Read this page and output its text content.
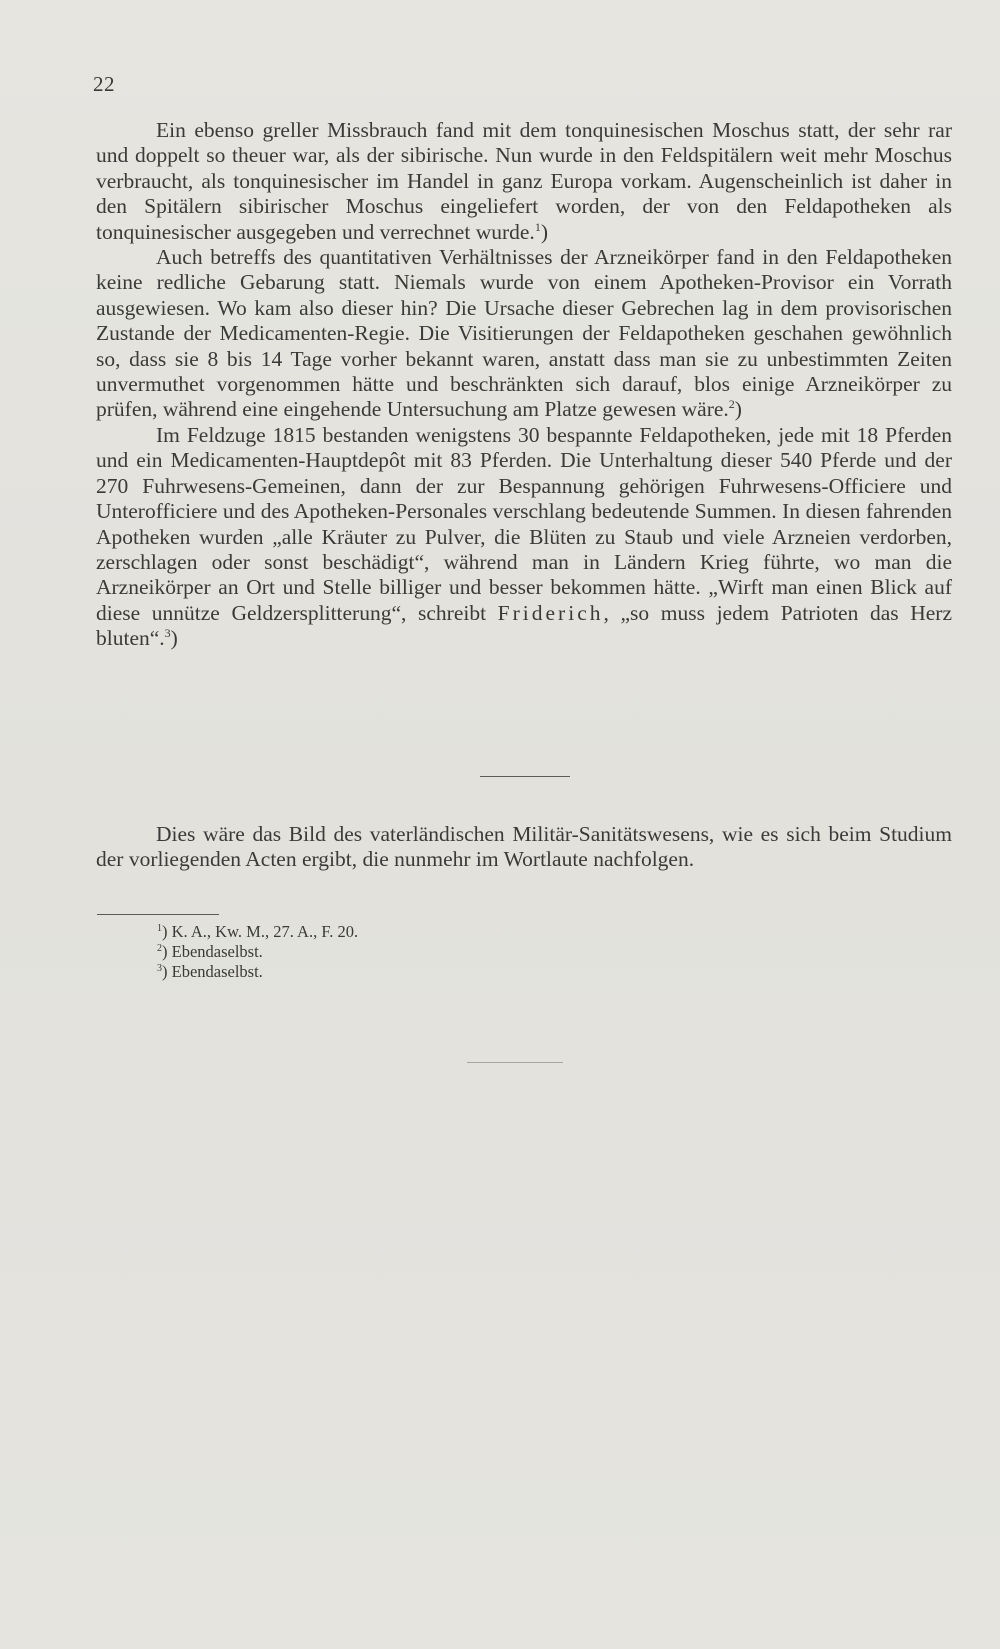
22

Ein ebenso greller Missbrauch fand mit dem tonquinesischen Moschus statt, der sehr rar und doppelt so theuer war, als der sibirische. Nun wurde in den Feldspitälern weit mehr Moschus verbraucht, als tonquinesischer im Handel in ganz Europa vorkam. Augenscheinlich ist daher in den Spitälern sibirischer Moschus eingeliefert worden, der von den Feldapotheken als tonquinesischer ausgegeben und verrechnet wurde.$^1$)

Auch betreffs des quantitativen Verhältnisses der Arzneikörper fand in den Feldapotheken keine redliche Gebarung statt. Niemals wurde von einem Apotheken-Provisor ein Vorrath ausgewiesen. Wo kam also dieser hin? Die Ursache dieser Gebrechen lag in dem provisorischen Zustande der Medicamenten-Regie. Die Visitierungen der Feldapotheken geschahen gewöhnlich so, dass sie 8 bis 14 Tage vorher bekannt waren, anstatt dass man sie zu unbestimmten Zeiten unvermuthet vorgenommen hätte und beschränkten sich darauf, blos einige Arzneikörper zu prüfen, während eine eingehende Untersuchung am Platze gewesen wäre.$^2$)

Im Feldzuge 1815 bestanden wenigstens 30 bespannte Feldapotheken, jede mit 18 Pferden und ein Medicamenten-Hauptdepôt mit 83 Pferden. Die Unterhaltung dieser 540 Pferde und der 270 Fuhrwesens-Gemeinen, dann der zur Bespannung gehörigen Fuhrwesens-Officiere und Unterofficiere und des Apotheken-Personales verschlang bedeutende Summen. In diesen fahrenden Apotheken wurden „alle Kräuter zu Pulver, die Blüten zu Staub und viele Arzneien verdorben, zerschlagen oder sonst beschädigt“, während man in Ländern Krieg führte, wo man die Arzneikörper an Ort und Stelle billiger und besser bekommen hätte. „Wirft man einen Blick auf diese unnütze Geldzersplitterung“, schreibt Friderich, „so muss jedem Patrioten das Herz bluten“.$^3$)

Dies wäre das Bild des vaterländischen Militär-Sanitätswesens, wie es sich beim Studium der vorliegenden Acten ergibt, die nunmehr im Wortlaute nachfolgen.

$^1$) K. A., Kw. M., 27. A., F. 20.
$^2$) Ebendaselbst.
$^3$) Ebendaselbst.
